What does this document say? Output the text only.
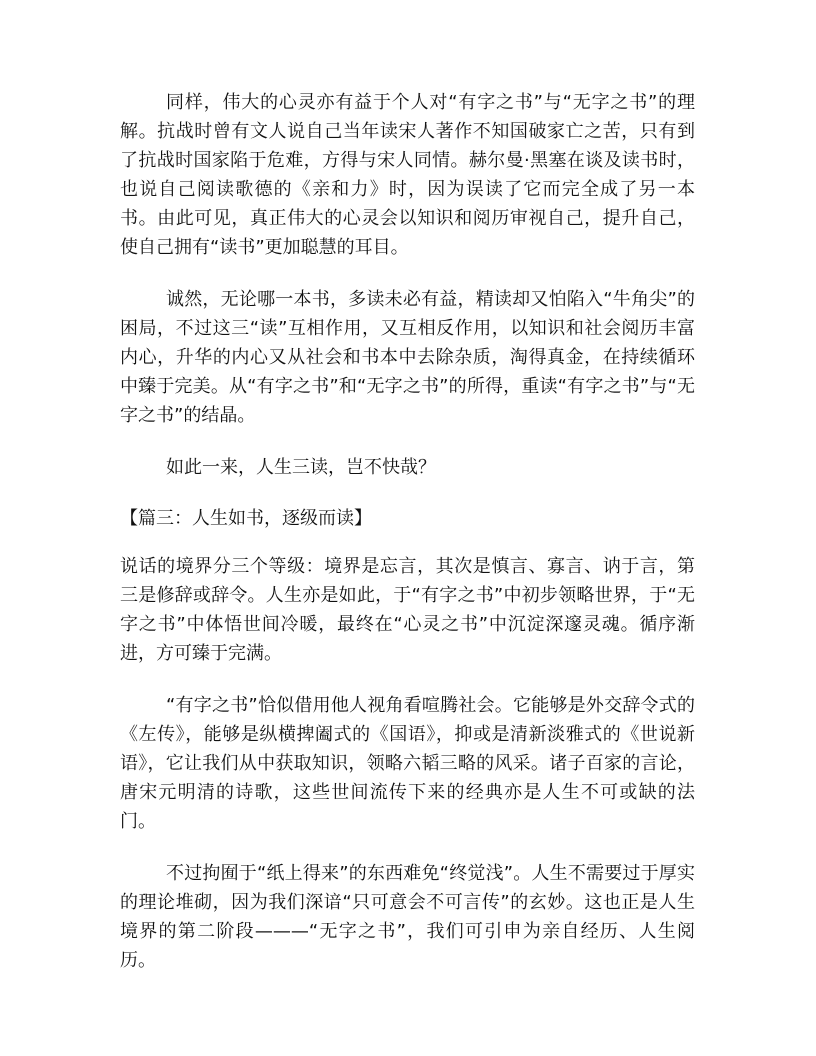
同样，伟大的心灵亦有益于个人对“有字之书”与“无字之书”的理解。抗战时曾有文人说自己当年读宋人著作不知国破家亡之苦，只有到了抗战时国家陷于危难，方得与宋人同情。赫尔曼·黑塞在谈及读书时，也说自己阅读歌德的《亲和力》时，因为误读了它而完全成了另一本书。由此可见，真正伟大的心灵会以知识和阅历审视自己，提升自己，使自己拥有“读书”更加聪慧的耳目。

诚然，无论哪一本书，多读未必有益，精读却又怕陷入“牛角尖”的困局，不过这三“读”互相作用，又互相反作用，以知识和社会阅历丰富内心，升华的内心又从社会和书本中去除杂质，淘得真金，在持续循环中臻于完美。从“有字之书”和“无字之书”的所得，重读“有字之书”与“无字之书”的结晶。

如此一来，人生三读，岂不快哉？

【篇三：人生如书，逐级而读】

说话的境界分三个等级：境界是忘言，其次是慎言、寡言、讷于言，第三是修辞或辞令。人生亦是如此，于“有字之书”中初步领略世界，于“无字之书”中体悟世间冷暖，最终在“心灵之书”中沉淀深邃灵魂。循序渐进，方可臻于完满。

“有字之书”恰似借用他人视角看喧腾社会。它能够是外交辞令式的《左传》，能够是纵横捭阖式的《国语》，抑或是清新淡雅式的《世说新语》，它让我们从中获取知识，领略六韬三略的风采。诸子百家的言论，唐宋元明清的诗歌，这些世间流传下来的经典亦是人生不可或缺的法门。

不过拘囿于“纸上得来”的东西难免“终觉浅”。人生不需要过于厚实的理论堆砌，因为我们深谙“只可意会不可言传”的玄妙。这也正是人生境界的第二阶段———“无字之书”，我们可引申为亲自经历、人生阅历。
